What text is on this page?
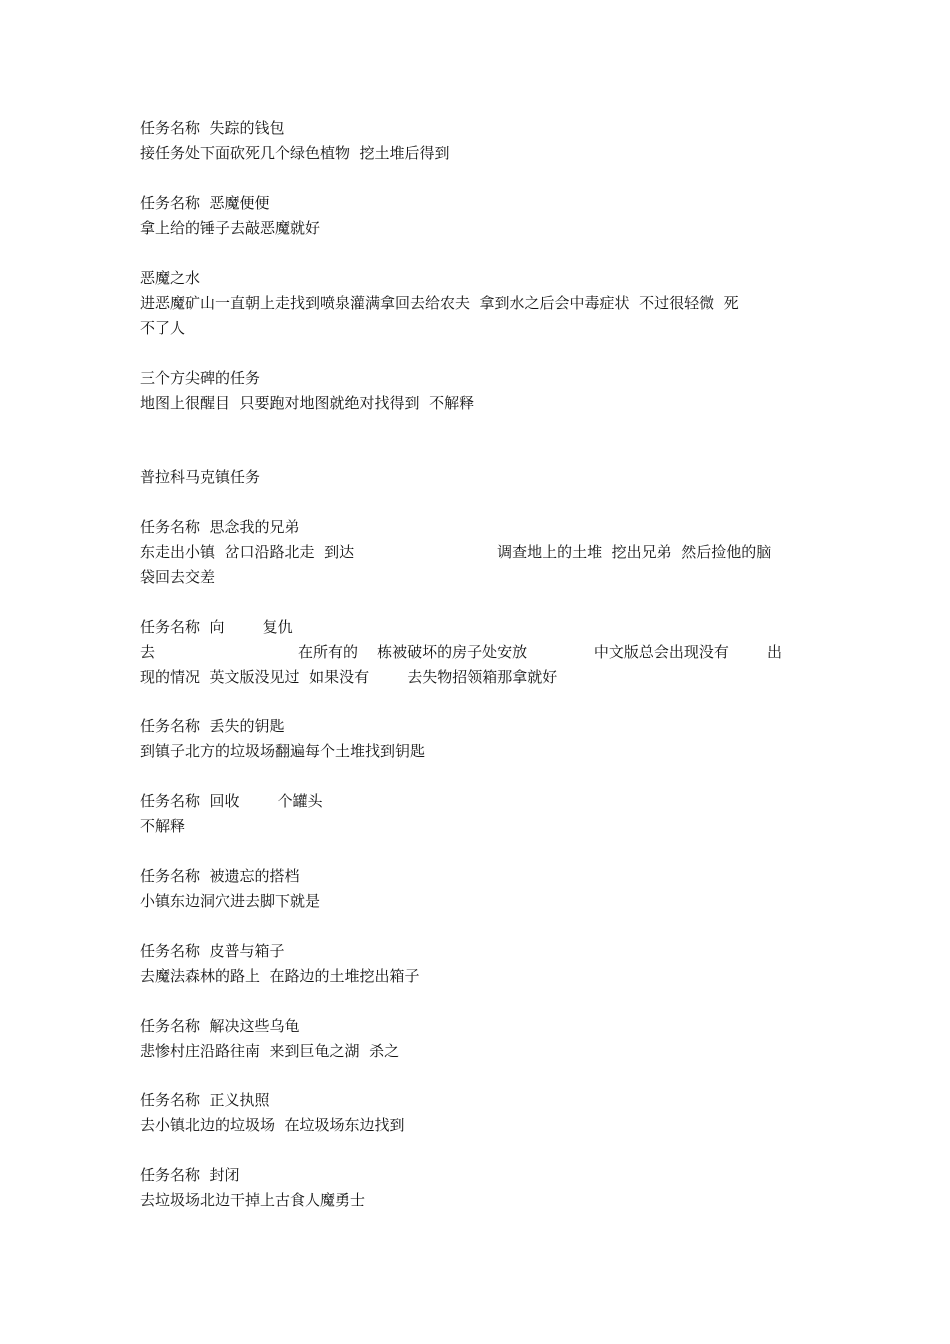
任务名称  失踪的钱包
接任务处下面砍死几个绿色植物  挖土堆后得到
任务名称  恶魔便便
拿上给的锤子去敲恶魔就好
恶魔之水
进恶魔矿山一直朝上走找到喷泉灌满拿回去给农夫  拿到水之后会中毒症状  不过很轻微  死
不了人
三个方尖碑的任务
地图上很醒目  只要跑对地图就绝对找得到  不解释
普拉科马克镇任务
任务名称  思念我的兄弟
东走出小镇  岔口沿路北走  到达                              调查地上的土堆  挖出兄弟  然后捡他的脑
袋回去交差
任务名称  向        复仇
去                              在所有的    栋被破坏的房子处安放              中文版总会出现没有        出
现的情况  英文版没见过  如果没有        去失物招领箱那拿就好
任务名称  丢失的钥匙
到镇子北方的垃圾场翻遍每个土堆找到钥匙
任务名称  回收        个罐头
不解释
任务名称  被遗忘的搭档
小镇东边洞穴进去脚下就是
任务名称  皮普与箱子
去魔法森林的路上  在路边的土堆挖出箱子
任务名称  解决这些乌龟
悲惨村庄沿路往南  来到巨龟之湖  杀之
任务名称  正义执照
去小镇北边的垃圾场  在垃圾场东边找到
任务名称  封闭
去垃圾场北边干掉上古食人魔勇士
